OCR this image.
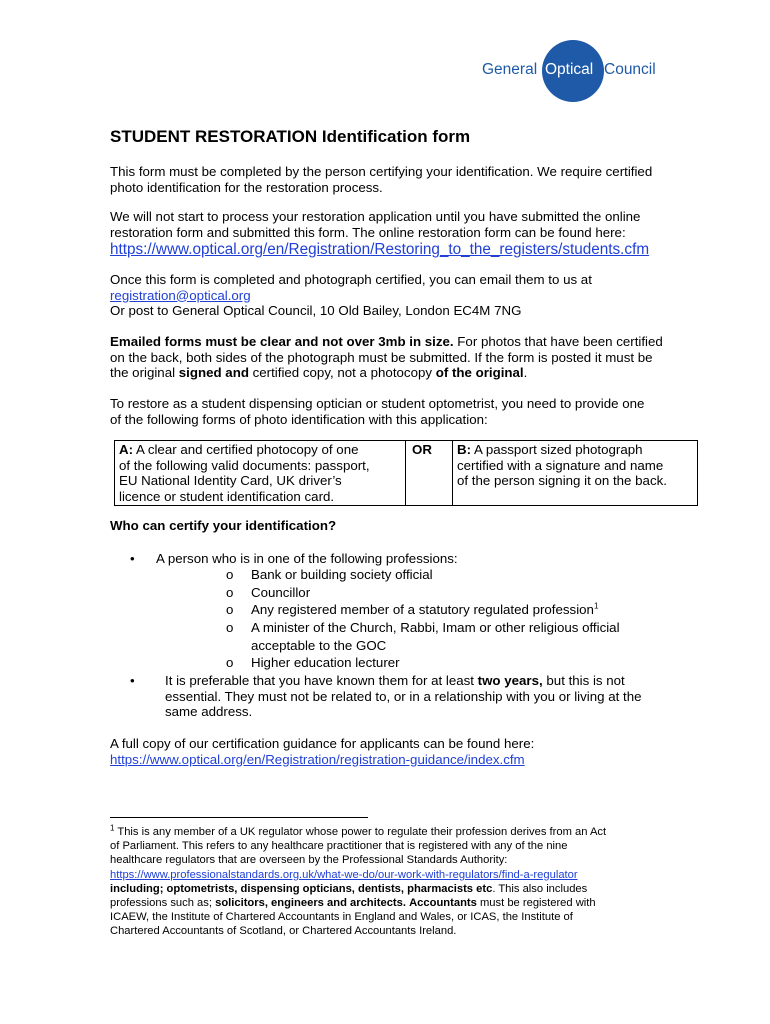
General Optical Council
STUDENT RESTORATION Identification form

This form must be completed by the person certifying your identification. We require certified

photo identification for the restoration process.

We will not start to process your restoration application until you have submitted the online

restoration form and submitted this form. The online restoration form can be found here:

https://www.optical.org/en/Registration/Restoring_to_the_registers/students.cfm

Once this form is completed and photograph certified, you can email them to us at

registration@optical.org

Or post to General Optical Council, 10 Old Bailey, London EC4M 7NG

Emailed forms must be clear and not over 3mb in size. For photos that have been certified

on the back, both sides of the photograph must be submitted. If the form is posted it must be

the original signed and certified copy, not a photocopy of the original.

To restore as a student dispensing optician or student optometrist, you need to provide one

of the following forms of photo identification with this application:

A: A clear and certified photocopy of one
of the following valid documents: passport,
EU National Identity Card, UK driver’s
licence or student identification card.	OR	B: A passport sized photograph
certified with a signature and name
of the person signing it on the back.
Who can certify your identification?
• A person who is in one of the following professions:
o Bank or building society official
o Councillor
o Any registered member of a statutory regulated profession$^1$
o A minister of the Church, Rabbi, Imam or other religious official
acceptable to the GOC
o Higher education lecturer
• It is preferable that you have known them for at least two years, but this is not
essential. They must not be related to, or in a relationship with you or living at the
same address.

A full copy of our certification guidance for applicants can be found here:

https://www.optical.org/en/Registration/registration-guidance/index.cfm

$^1$ This is any member of a UK regulator whose power to regulate their profession derives from an Act

of Parliament. This refers to any healthcare practitioner that is registered with any of the nine

healthcare regulators that are overseen by the Professional Standards Authority:

https://www.professionalstandards.org.uk/what-we-do/our-work-with-regulators/find-a-regulator

including; optometrists, dispensing opticians, dentists, pharmacists etc. This also includes

professions such as; solicitors, engineers and architects. Accountants must be registered with

ICAEW, the Institute of Chartered Accountants in England and Wales, or ICAS, the Institute of

Chartered Accountants of Scotland, or Chartered Accountants Ireland.
